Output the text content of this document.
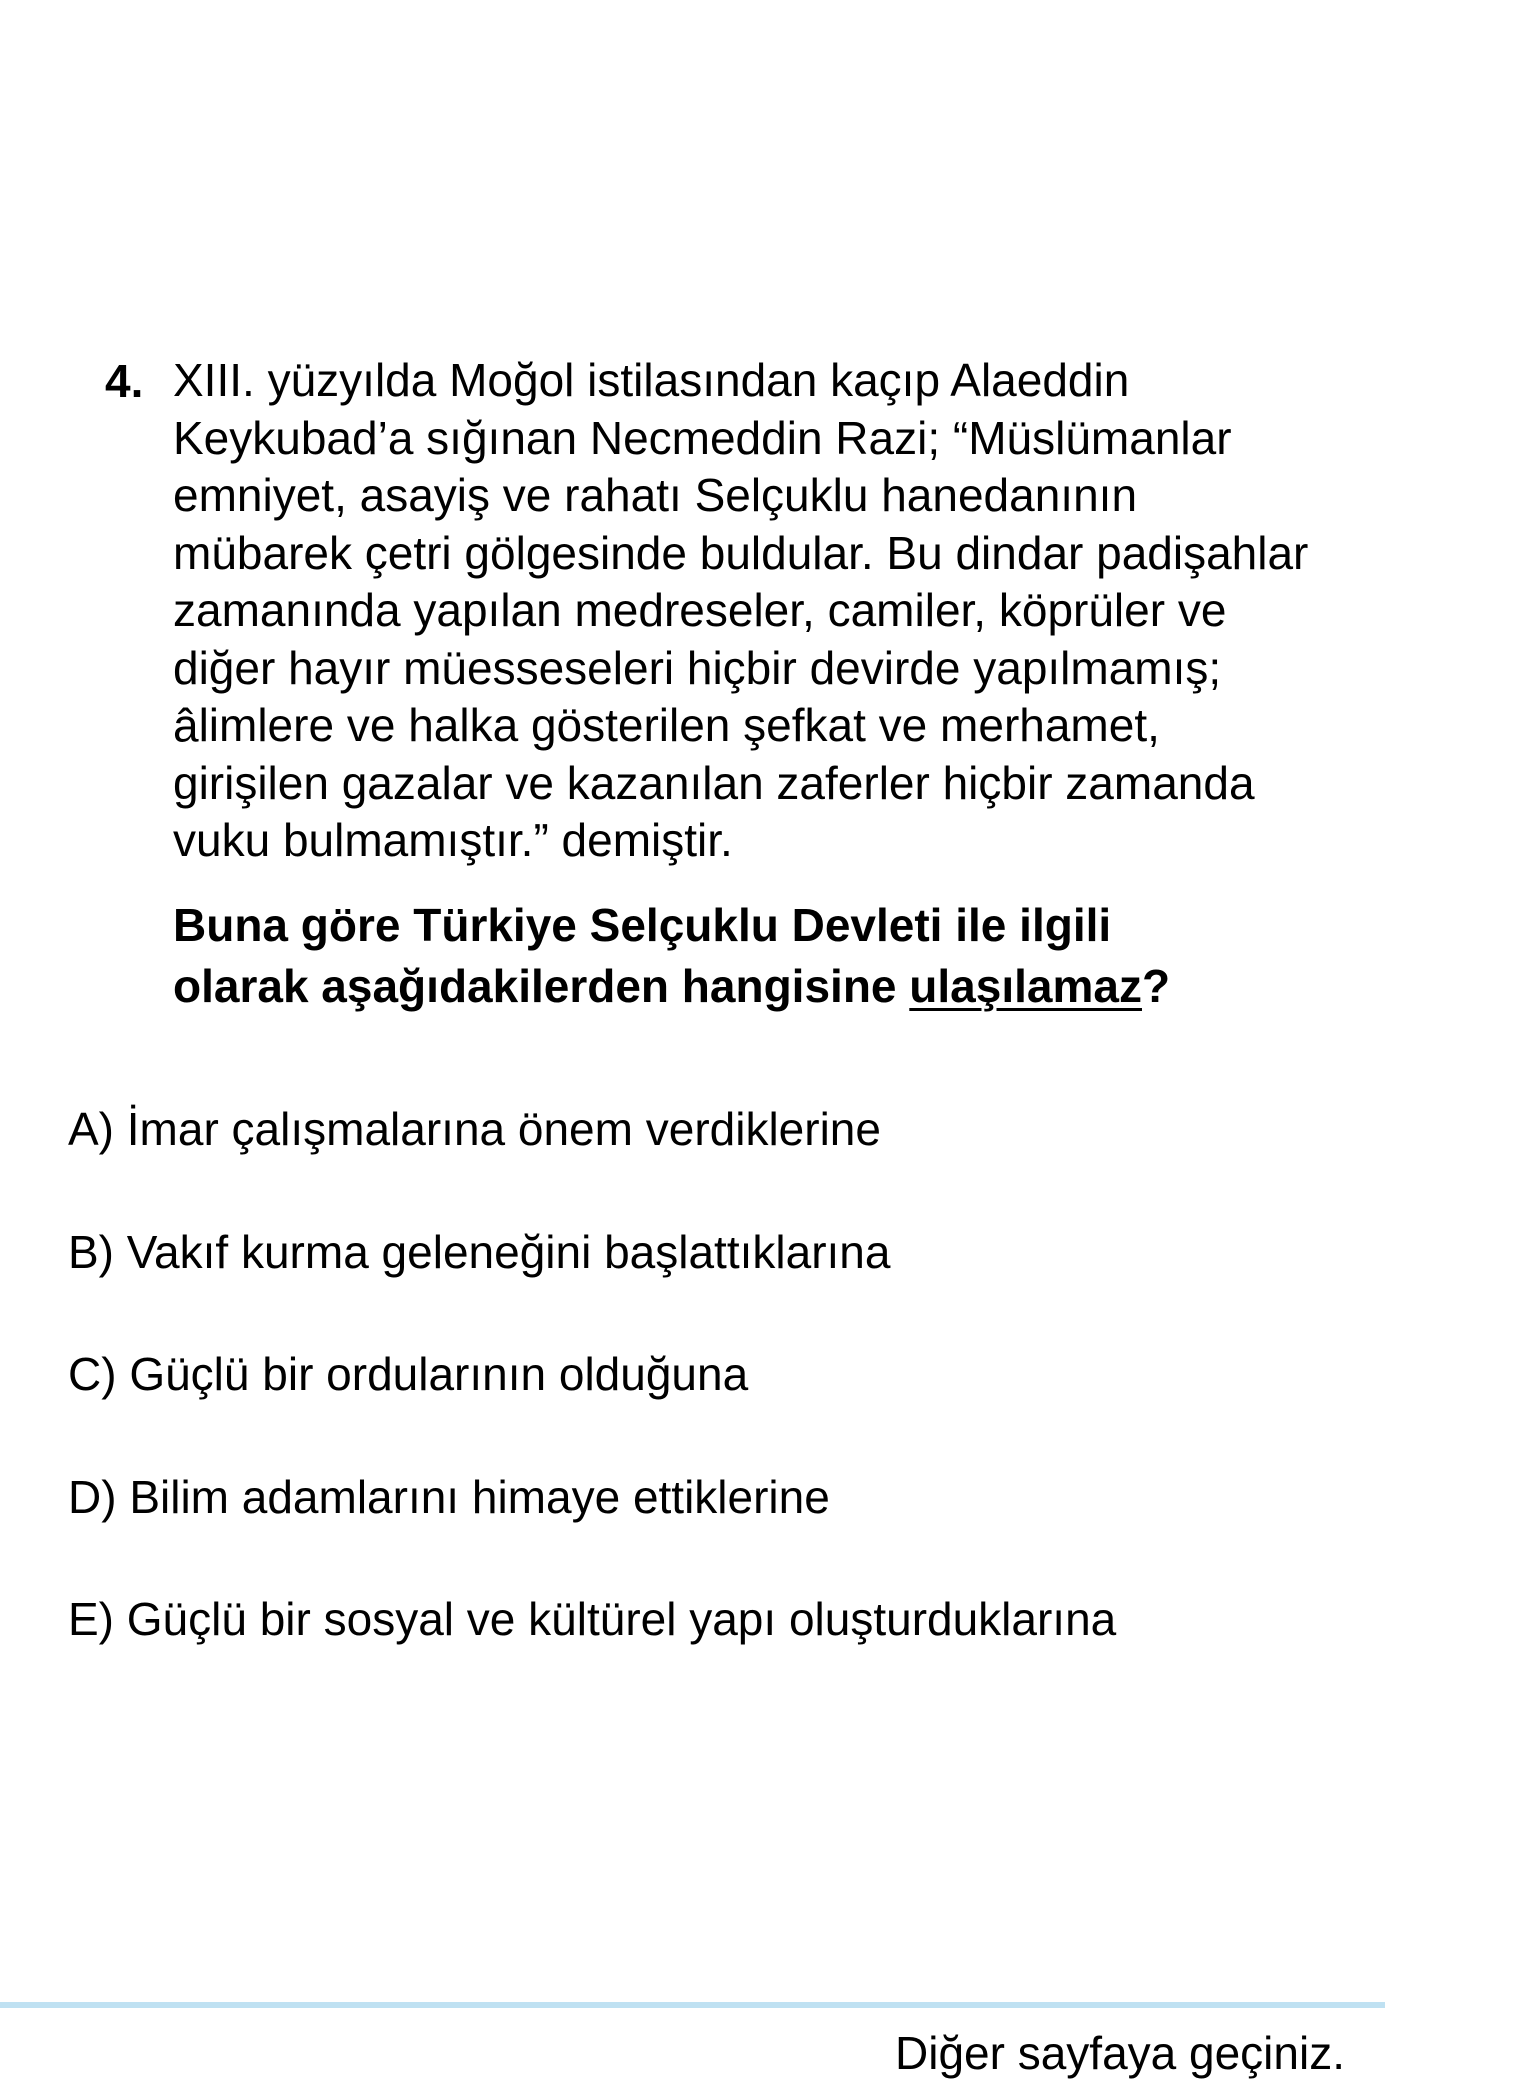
4. XIII. yüzyılda Moğol istilasından kaçıp Alaeddin
Keykubad’a sığınan Necmeddin Razi; “Müslümanlar
emniyet, asayiş ve rahatı Selçuklu hanedanının
mübarek çetri gölgesinde buldular. Bu dindar padişahlar
zamanında yapılan medreseler, camiler, köprüler ve
diğer hayır müesseseleri hiçbir devirde yapılmamış;
âlimlere ve halka gösterilen şefkat ve merhamet,
girişilen gazalar ve kazanılan zaferler hiçbir zamanda
vuku bulmamıştır.” demiştir.
Buna göre Türkiye Selçuklu Devleti ile ilgili
olarak aşağıdakilerden hangisine ulaşılamaz?
A) İmar çalışmalarına önem verdiklerine
B) Vakıf kurma geleneğini başlattıklarına
C) Güçlü bir ordularının olduğuna
D) Bilim adamlarını himaye ettiklerine
E) Güçlü bir sosyal ve kültürel yapı oluşturduklarına
Diğer sayfaya geçiniz.
